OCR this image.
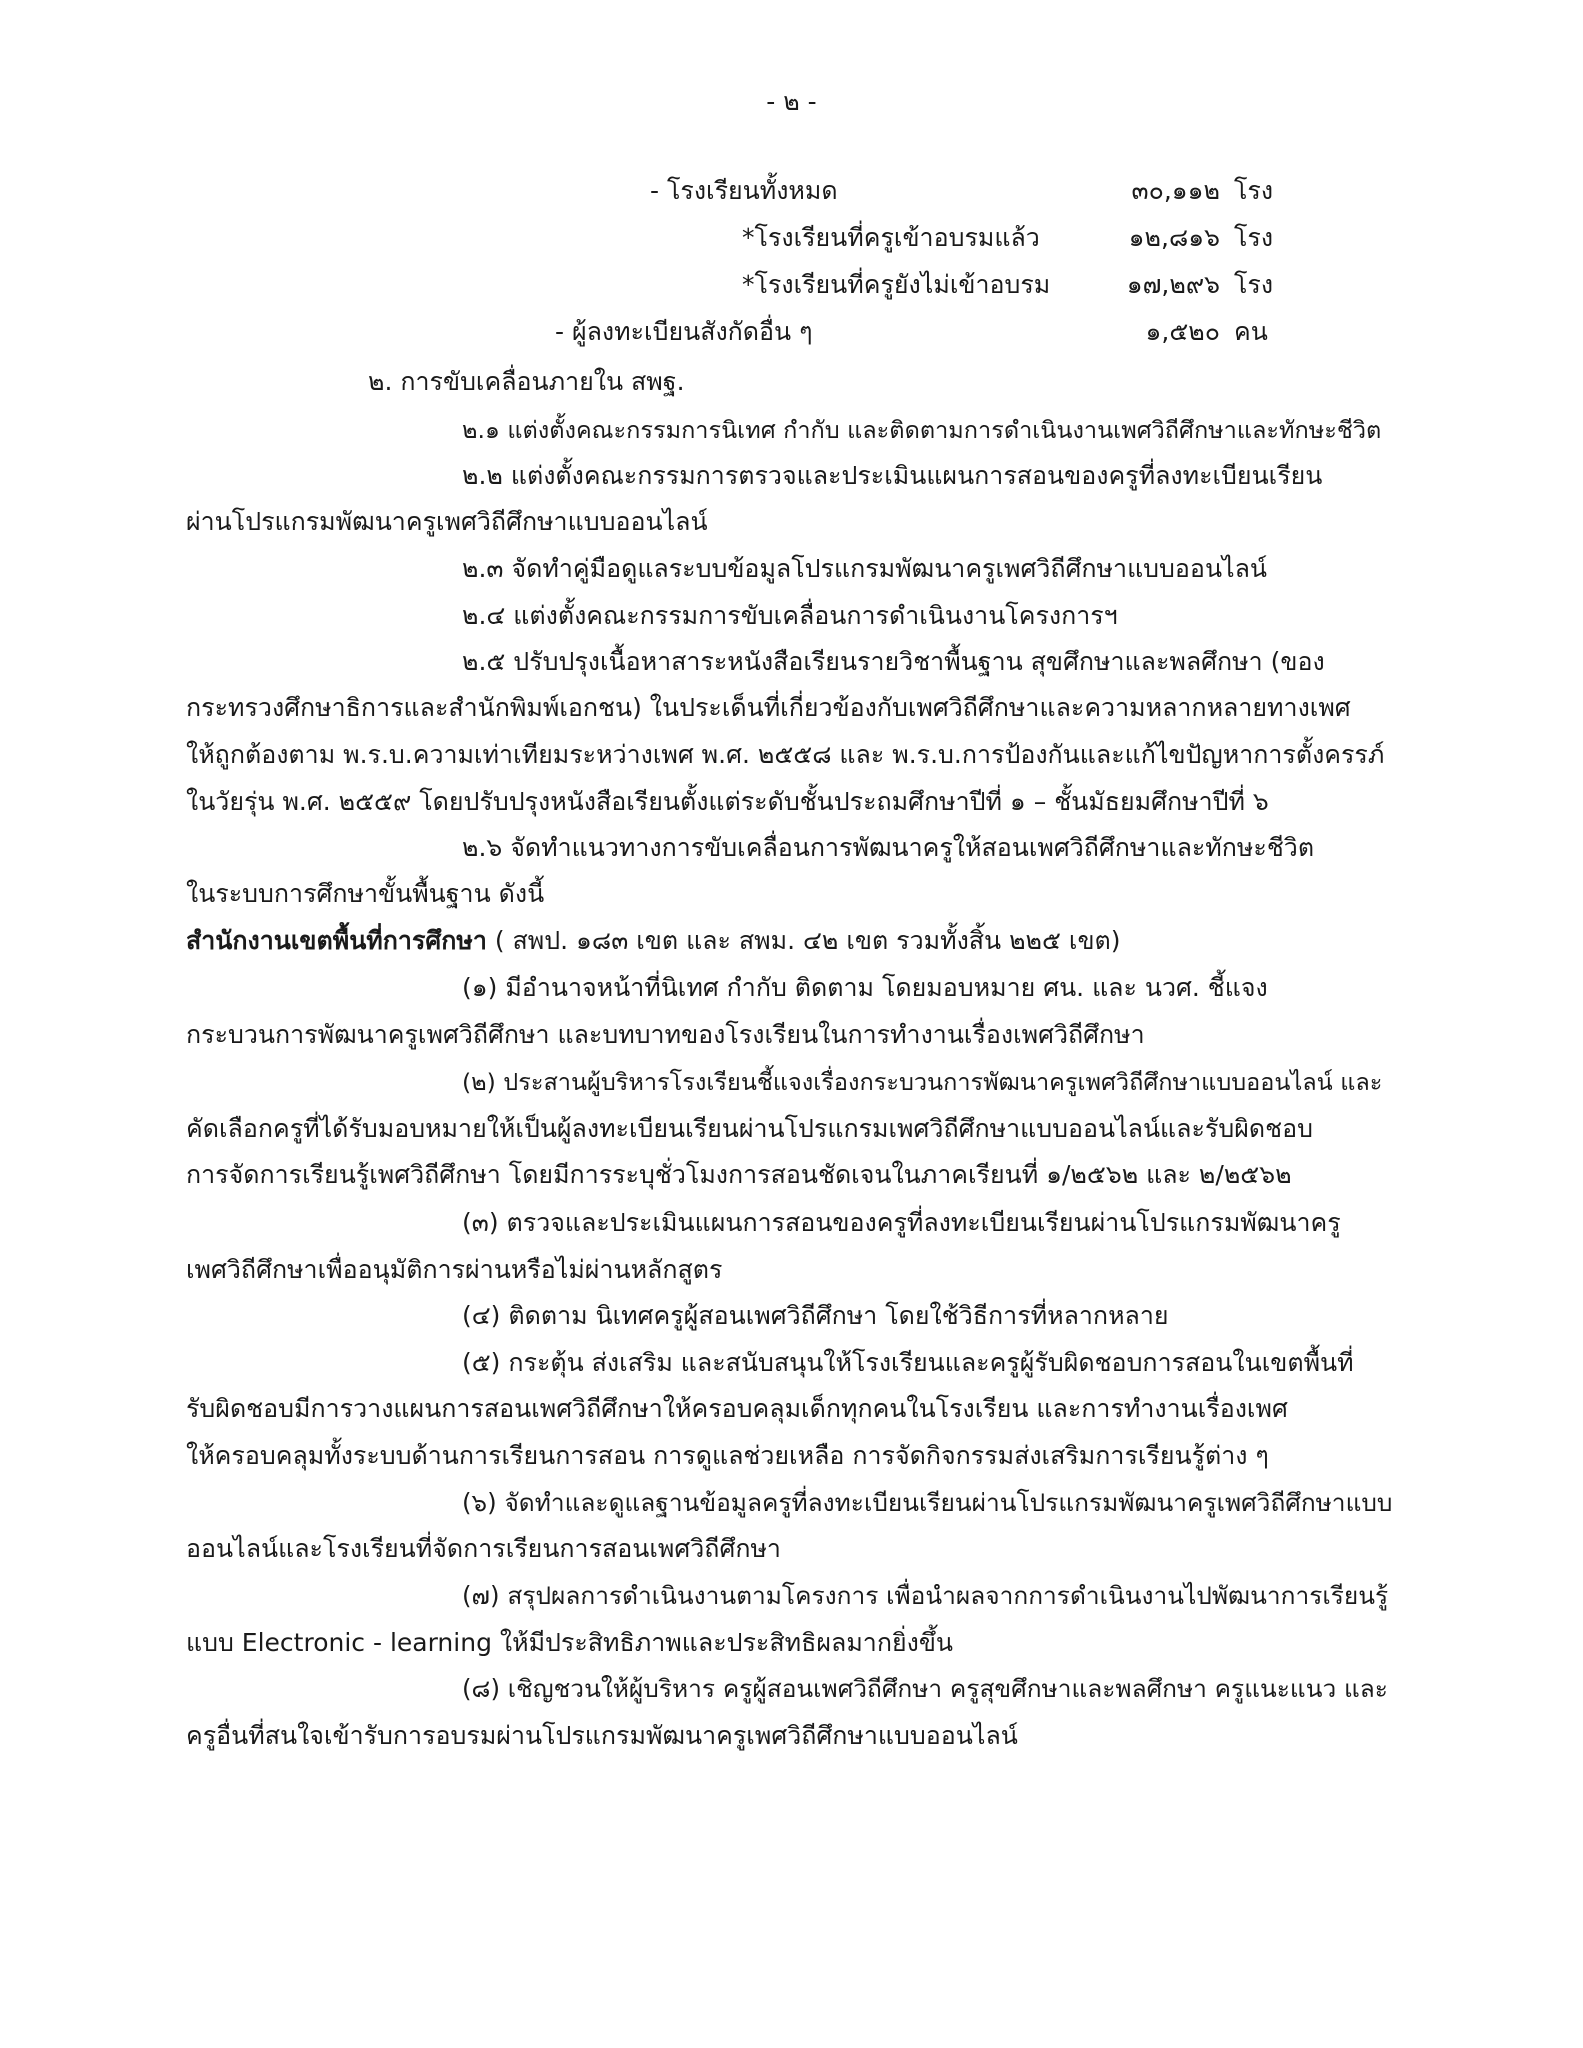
- ๒ -
- โรงเรียนทั้งหมด	๓๐,๑๑๒ โรง
*โรงเรียนที่ครูเข้าอบรมแล้ว	๑๒,๘๑๖ โรง
*โรงเรียนที่ครูยังไม่เข้าอบรม	๑๗,๒๙๖ โรง
- ผู้ลงทะเบียนสังกัดอื่น ๆ	๑,๕๒๐ คน
๒. การขับเคลื่อนภายใน สพฐ.
๒.๑ แต่งตั้งคณะกรรมการนิเทศ กำกับ และติดตามการดำเนินงานเพศวิถีศึกษาและทักษะชีวิต
๒.๒ แต่งตั้งคณะกรรมการตรวจและประเมินแผนการสอนของครูที่ลงทะเบียนเรียน
ผ่านโปรแกรมพัฒนาครูเพศวิถีศึกษาแบบออนไลน์
๒.๓ จัดทำคู่มือดูแลระบบข้อมูลโปรแกรมพัฒนาครูเพศวิถีศึกษาแบบออนไลน์
๒.๔ แต่งตั้งคณะกรรมการขับเคลื่อนการดำเนินงานโครงการฯ
๒.๕ ปรับปรุงเนื้อหาสาระหนังสือเรียนรายวิชาพื้นฐาน สุขศึกษาและพลศึกษา (ของ
กระทรวงศึกษาธิการและสำนักพิมพ์เอกชน) ในประเด็นที่เกี่ยวข้องกับเพศวิถีศึกษาและความหลากหลายทางเพศ
ให้ถูกต้องตาม พ.ร.บ.ความเท่าเทียมระหว่างเพศ พ.ศ. ๒๕๕๘ และ พ.ร.บ.การป้องกันและแก้ไขปัญหาการตั้งครรภ์
ในวัยรุ่น พ.ศ. ๒๕๕๙ โดยปรับปรุงหนังสือเรียนตั้งแต่ระดับชั้นประถมศึกษาปีที่ ๑ – ชั้นมัธยมศึกษาปีที่ ๖
๒.๖ จัดทำแนวทางการขับเคลื่อนการพัฒนาครูให้สอนเพศวิถีศึกษาและทักษะชีวิต
ในระบบการศึกษาขั้นพื้นฐาน ดังนี้
สำนักงานเขตพื้นที่การศึกษา ( สพป. ๑๘๓ เขต และ สพม. ๔๒ เขต รวมทั้งสิ้น ๒๒๕ เขต)
(๑) มีอำนาจหน้าที่นิเทศ กำกับ ติดตาม โดยมอบหมาย ศน. และ นวศ. ชี้แจง
กระบวนการพัฒนาครูเพศวิถีศึกษา และบทบาทของโรงเรียนในการทำงานเรื่องเพศวิถีศึกษา
(๒) ประสานผู้บริหารโรงเรียนชี้แจงเรื่องกระบวนการพัฒนาครูเพศวิถีศึกษาแบบออนไลน์ และ
คัดเลือกครูที่ได้รับมอบหมายให้เป็นผู้ลงทะเบียนเรียนผ่านโปรแกรมเพศวิถีศึกษาแบบออนไลน์และรับผิดชอบ
การจัดการเรียนรู้เพศวิถีศึกษา โดยมีการระบุชั่วโมงการสอนชัดเจนในภาคเรียนที่ ๑/๒๕๖๒ และ ๒/๒๕๖๒
(๓) ตรวจและประเมินแผนการสอนของครูที่ลงทะเบียนเรียนผ่านโปรแกรมพัฒนาครู
เพศวิถีศึกษาเพื่ออนุมัติการผ่านหรือไม่ผ่านหลักสูตร
(๔) ติดตาม นิเทศครูผู้สอนเพศวิถีศึกษา โดยใช้วิธีการที่หลากหลาย
(๕) กระตุ้น ส่งเสริม และสนับสนุนให้โรงเรียนและครูผู้รับผิดชอบการสอนในเขตพื้นที่
รับผิดชอบมีการวางแผนการสอนเพศวิถีศึกษาให้ครอบคลุมเด็กทุกคนในโรงเรียน และการทำงานเรื่องเพศ
ให้ครอบคลุมทั้งระบบด้านการเรียนการสอน การดูแลช่วยเหลือ การจัดกิจกรรมส่งเสริมการเรียนรู้ต่าง ๆ
(๖) จัดทำและดูแลฐานข้อมูลครูที่ลงทะเบียนเรียนผ่านโปรแกรมพัฒนาครูเพศวิถีศึกษาแบบ
ออนไลน์และโรงเรียนที่จัดการเรียนการสอนเพศวิถีศึกษา
(๗) สรุปผลการดำเนินงานตามโครงการ เพื่อนำผลจากการดำเนินงานไปพัฒนาการเรียนรู้
แบบ Electronic - learning ให้มีประสิทธิภาพและประสิทธิผลมากยิ่งขึ้น
(๘) เชิญชวนให้ผู้บริหาร ครูผู้สอนเพศวิถีศึกษา ครูสุขศึกษาและพลศึกษา ครูแนะแนว และ
ครูอื่นที่สนใจเข้ารับการอบรมผ่านโปรแกรมพัฒนาครูเพศวิถีศึกษาแบบออนไลน์
